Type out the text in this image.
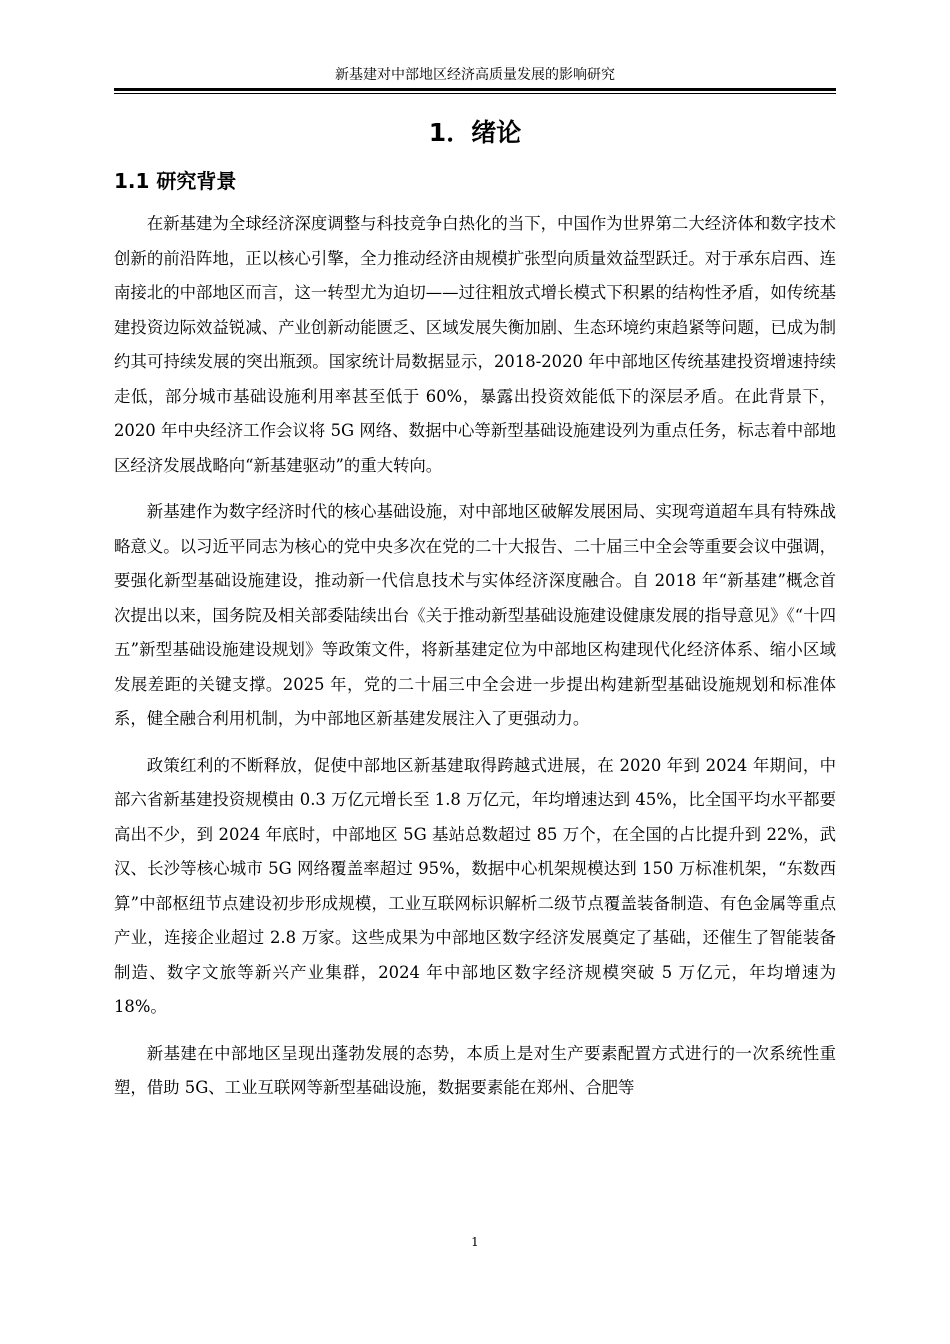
新基建对中部地区经济高质量发展的影响研究
1．绪论
1.1 研究背景

在新基建为全球经济深度调整与科技竞争白热化的当下，中国作为世界第二大经济体和数字技术创新的前沿阵地，正以核心引擎，全力推动经济由规模扩张型向质量效益型跃迁。对于承东启西、连南接北的中部地区而言，这一转型尤为迫切——过往粗放式增长模式下积累的结构性矛盾，如传统基建投资边际效益锐减、产业创新动能匮乏、区域发展失衡加剧、生态环境约束趋紧等问题，已成为制约其可持续发展的突出瓶颈。国家统计局数据显示，2018-2020 年中部地区传统基建投资增速持续走低，部分城市基础设施利用率甚至低于 60%，暴露出投资效能低下的深层矛盾。在此背景下，2020 年中央经济工作会议将 5G 网络、数据中心等新型基础设施建设列为重点任务，标志着中部地区经济发展战略向“新基建驱动”的重大转向。

新基建作为数字经济时代的核心基础设施，对中部地区破解发展困局、实现弯道超车具有特殊战略意义。以习近平同志为核心的党中央多次在党的二十大报告、二十届三中全会等重要会议中强调，要强化新型基础设施建设，推动新一代信息技术与实体经济深度融合。自 2018 年“新基建”概念首次提出以来，国务院及相关部委陆续出台《关于推动新型基础设施建设健康发展的指导意见》《“十四五”新型基础设施建设规划》等政策文件，将新基建定位为中部地区构建现代化经济体系、缩小区域发展差距的关键支撑。2025 年，党的二十届三中全会进一步提出构建新型基础设施规划和标准体系，健全融合利用机制，为中部地区新基建发展注入了更强动力。

政策红利的不断释放，促使中部地区新基建取得跨越式进展，在 2020 年到 2024 年期间，中部六省新基建投资规模由 0.3 万亿元增长至 1.8 万亿元，年均增速达到 45%，比全国平均水平都要高出不少，到 2024 年底时，中部地区 5G 基站总数超过 85 万个，在全国的占比提升到 22%，武汉、长沙等核心城市 5G 网络覆盖率超过 95%，数据中心机架规模达到 150 万标准机架，“东数西算”中部枢纽节点建设初步形成规模，工业互联网标识解析二级节点覆盖装备制造、有色金属等重点产业，连接企业超过 2.8 万家。这些成果为中部地区数字经济发展奠定了基础，还催生了智能装备制造、数字文旅等新兴产业集群，2024 年中部地区数字经济规模突破 5 万亿元，年均增速为 18%。

新基建在中部地区呈现出蓬勃发展的态势，本质上是对生产要素配置方式进行的一次系统性重塑，借助 5G、工业互联网等新型基础设施，数据要素能在郑州、合肥等

1
